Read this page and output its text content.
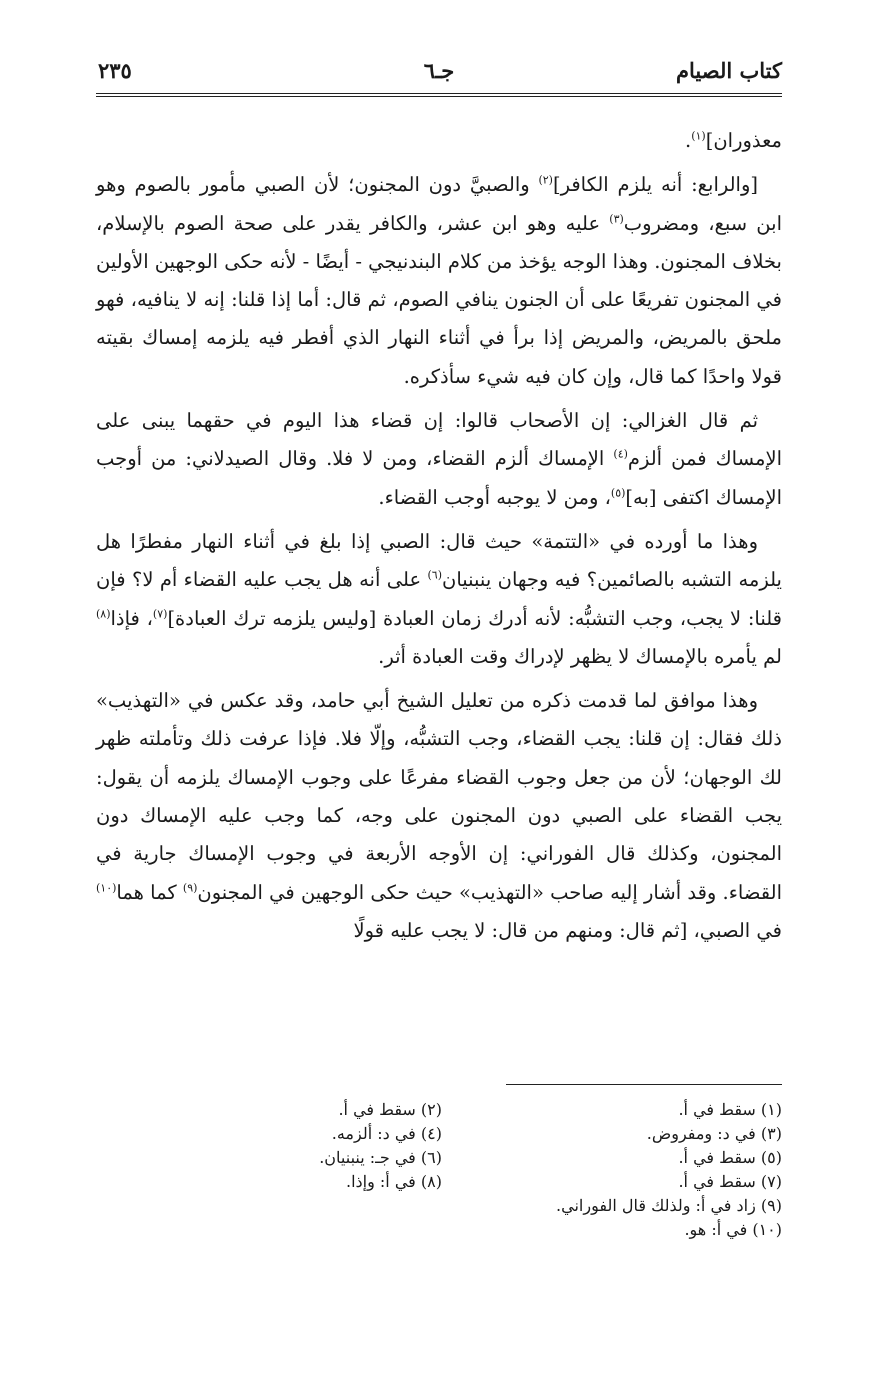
كتاب الصيام
جـ٦
٢٣٥

معذوران]$^{(١)}$.

[والرابع: أنه يلزم الكافر]$^{(٢)}$ والصبيَّ دون المجنون؛ لأن الصبي مأمور بالصوم وهو ابن سبع، ومضروب$^{(٣)}$ عليه وهو ابن عشر، والكافر يقدر على صحة الصوم بالإسلام، بخلاف المجنون. وهذا الوجه يؤخذ من كلام البندنيجي - أيضًا - لأنه حكى الوجهين الأولين في المجنون تفريعًا على أن الجنون ينافي الصوم، ثم قال: أما إذا قلنا: إنه لا ينافيه، فهو ملحق بالمريض، والمريض إذا برأ في أثناء النهار الذي أفطر فيه يلزمه إمساك بقيته قولا واحدًا كما قال، وإن كان فيه شيء سأذكره.

ثم قال الغزالي: إن الأصحاب قالوا: إن قضاء هذا اليوم في حقهما يبنى على الإمساك فمن ألزم$^{(٤)}$ الإمساك ألزم القضاء، ومن لا فلا. وقال الصيدلاني: من أوجب الإمساك اكتفى [به]$^{(٥)}$، ومن لا يوجبه أوجب القضاء.

وهذا ما أورده في «التتمة» حيث قال: الصبي إذا بلغ في أثناء النهار مفطرًا هل يلزمه التشبه بالصائمين؟ فيه وجهان ينبنيان$^{(٦)}$ على أنه هل يجب عليه القضاء أم لا؟ فإن قلنا: لا يجب، وجب التشبُّه: لأنه أدرك زمان العبادة [وليس يلزمه ترك العبادة]$^{(٧)}$، فإذا$^{(٨)}$ لم يأمره بالإمساك لا يظهر لإدراك وقت العبادة أثر.

وهذا موافق لما قدمت ذكره من تعليل الشيخ أبي حامد، وقد عكس في «التهذيب» ذلك فقال: إن قلنا: يجب القضاء، وجب التشبُّه، وإلّا فلا. فإذا عرفت ذلك وتأملته ظهر لك الوجهان؛ لأن من جعل وجوب القضاء مفرعًا على وجوب الإمساك يلزمه أن يقول: يجب القضاء على الصبي دون المجنون على وجه، كما وجب عليه الإمساك دون المجنون، وكذلك قال الفوراني: إن الأوجه الأربعة في وجوب الإمساك جارية في القضاء. وقد أشار إليه صاحب «التهذيب» حيث حكى الوجهين في المجنون$^{(٩)}$ كما هما$^{(١٠)}$ في الصبي، [ثم قال: ومنهم من قال: لا يجب عليه قولًا

(١) سقط في أ.
(٢) سقط في أ.
(٣) في د: ومفروض.
(٤) في د: ألزمه.
(٥) سقط في أ.
(٦) في جـ: ينبنيان.
(٧) سقط في أ.
(٨) في أ: وإذا.
(٩) زاد في أ: ولذلك قال الفوراني.
(١٠) في أ: هو.
